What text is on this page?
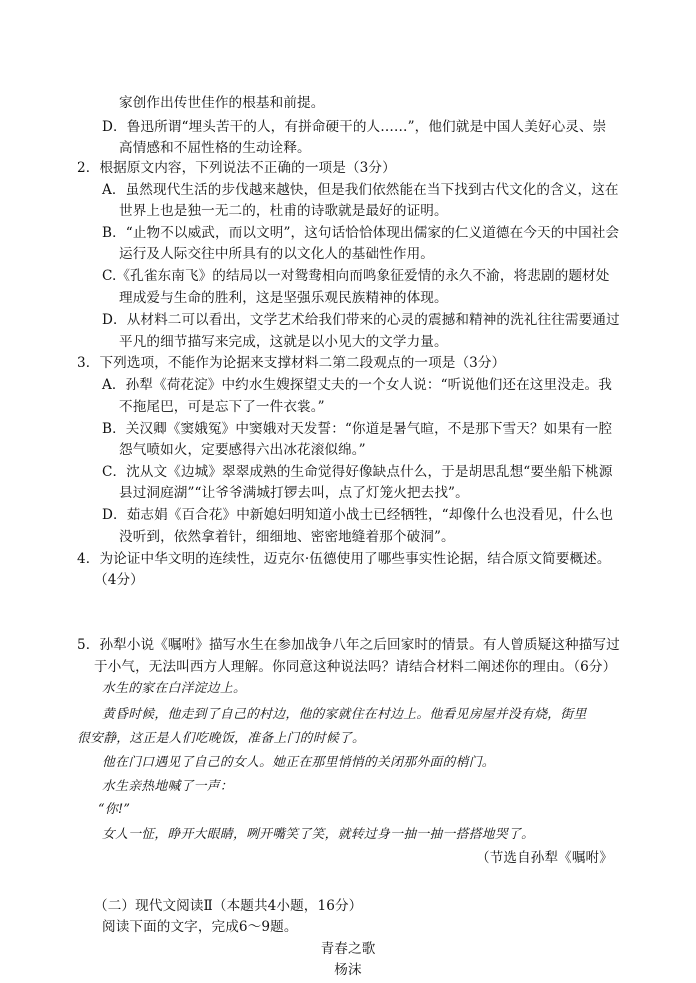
家创作出传世佳作的根基和前提。
D．鲁迅所谓“埋头苦干的人，有拼命硬干的人……”，他们就是中国人美好心灵、崇
高情感和不屈性格的生动诠释。
2．根据原文内容，下列说法不正确的一项是（3分）
A．虽然现代生活的步伐越来越快，但是我们依然能在当下找到古代文化的含义，这在
世界上也是独一无二的，杜甫的诗歌就是最好的证明。
B．“止物不以威武，而以文明”，这句话恰恰体现出儒家的仁义道德在今天的中国社会
运行及人际交往中所具有的以文化人的基础性作用。
C.《孔雀东南飞》的结局以一对鸳鸯相向而鸣象征爱情的永久不渝，将悲剧的题材处
理成爱与生命的胜利，这是坚强乐观民族精神的体现。
D．从材料二可以看出，文学艺术给我们带来的心灵的震撼和精神的洗礼往往需要通过
平凡的细节描写来完成，这就是以小见大的文学力量。
3．下列选项，不能作为论据来支撑材料二第二段观点的一项是（3分）
A．孙犁《荷花淀》中约水生嫂探望丈夫的一个女人说：“听说他们还在这里没走。我
不拖尾巴，可是忘下了一件衣裳。”
B．关汉卿《窦娥冤》中窦娥对天发誓：“你道是暑气暄，不是那下雪天？如果有一腔
怨气喷如火，定要感得六出冰花滚似绵。”
C．沈从文《边城》翠翠成熟的生命觉得好像缺点什么，于是胡思乱想“要坐船下桃源
县过洞庭湖”“让爷爷满城打锣去叫，点了灯笼火把去找”。
D．茹志娟《百合花》中新媳妇明知道小战士已经牺牲，“却像什么也没看见，什么也
没听到，依然拿着针，细细地、密密地缝着那个破洞”。
4．为论证中华文明的连续性，迈克尔·伍德使用了哪些事实性论据，结合原文简要概述。
（4分）
5．孙犁小说《嘱咐》描写水生在参加战争八年之后回家时的情景。有人曾质疑这种描写过
于小气，无法叫西方人理解。你同意这种说法吗？请结合材料二阐述你的理由。（6分）
水生的家在白洋淀边上。
黄昏时候，他走到了自己的村边，他的家就住在村边上。他看见房屋并没有烧，街里
很安静，这正是人们吃晚饭，准备上门的时候了。
他在门口遇见了自己的女人。她正在那里悄悄的关闭那外面的梢门。
水生亲热地喊了一声：
“你!”
女人一怔，睁开大眼睛，咧开嘴笑了笑，就转过身一抽一抽一搭搭地哭了。
（节选自孙犁《嘱咐》
（二）现代文阅读Ⅱ（本题共4小题，16分）
阅读下面的文字，完成6～9题。
青春之歌
杨沫
